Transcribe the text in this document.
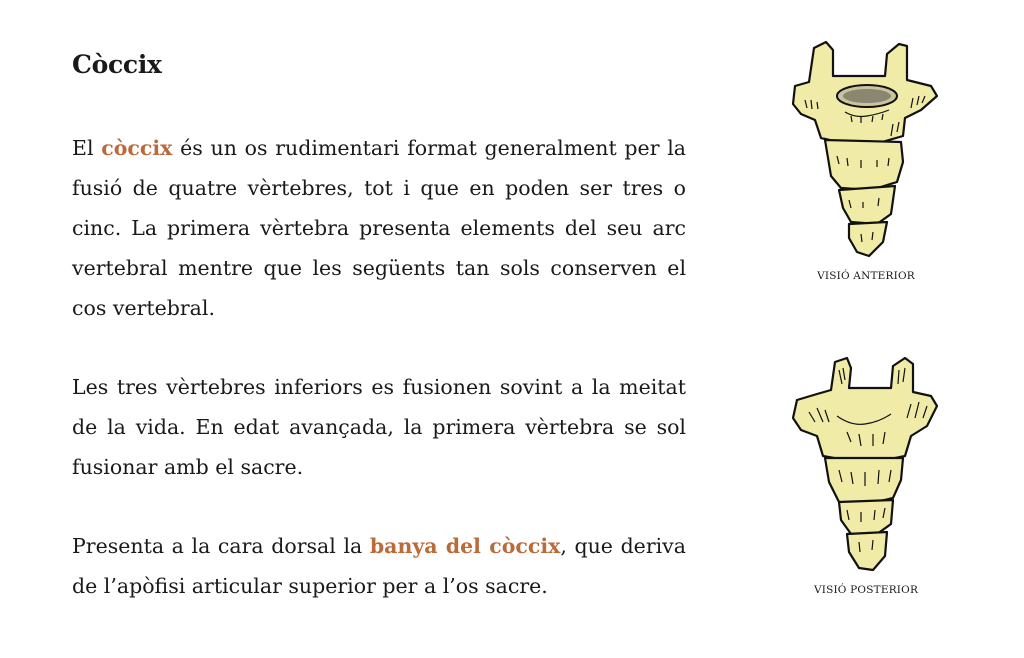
Còccix

El còccix és un os rudimentari format generalment per la fusió de quatre vèrtebres, tot i que en poden ser tres o cinc. La primera vèrtebra presenta elements del seu arc vertebral mentre que les següents tan sols conserven el cos vertebral.

Les tres vèrtebres inferiors es fusionen sovint a la meitat de la vida. En edat avançada, la primera vèrtebra se sol fusionar amb el sacre.

Presenta a la cara dorsal la banya del còccix, que deriva de l’apòfisi articular superior per a l’os sacre.

VISIÓ ANTERIOR
VISIÓ POSTERIOR
